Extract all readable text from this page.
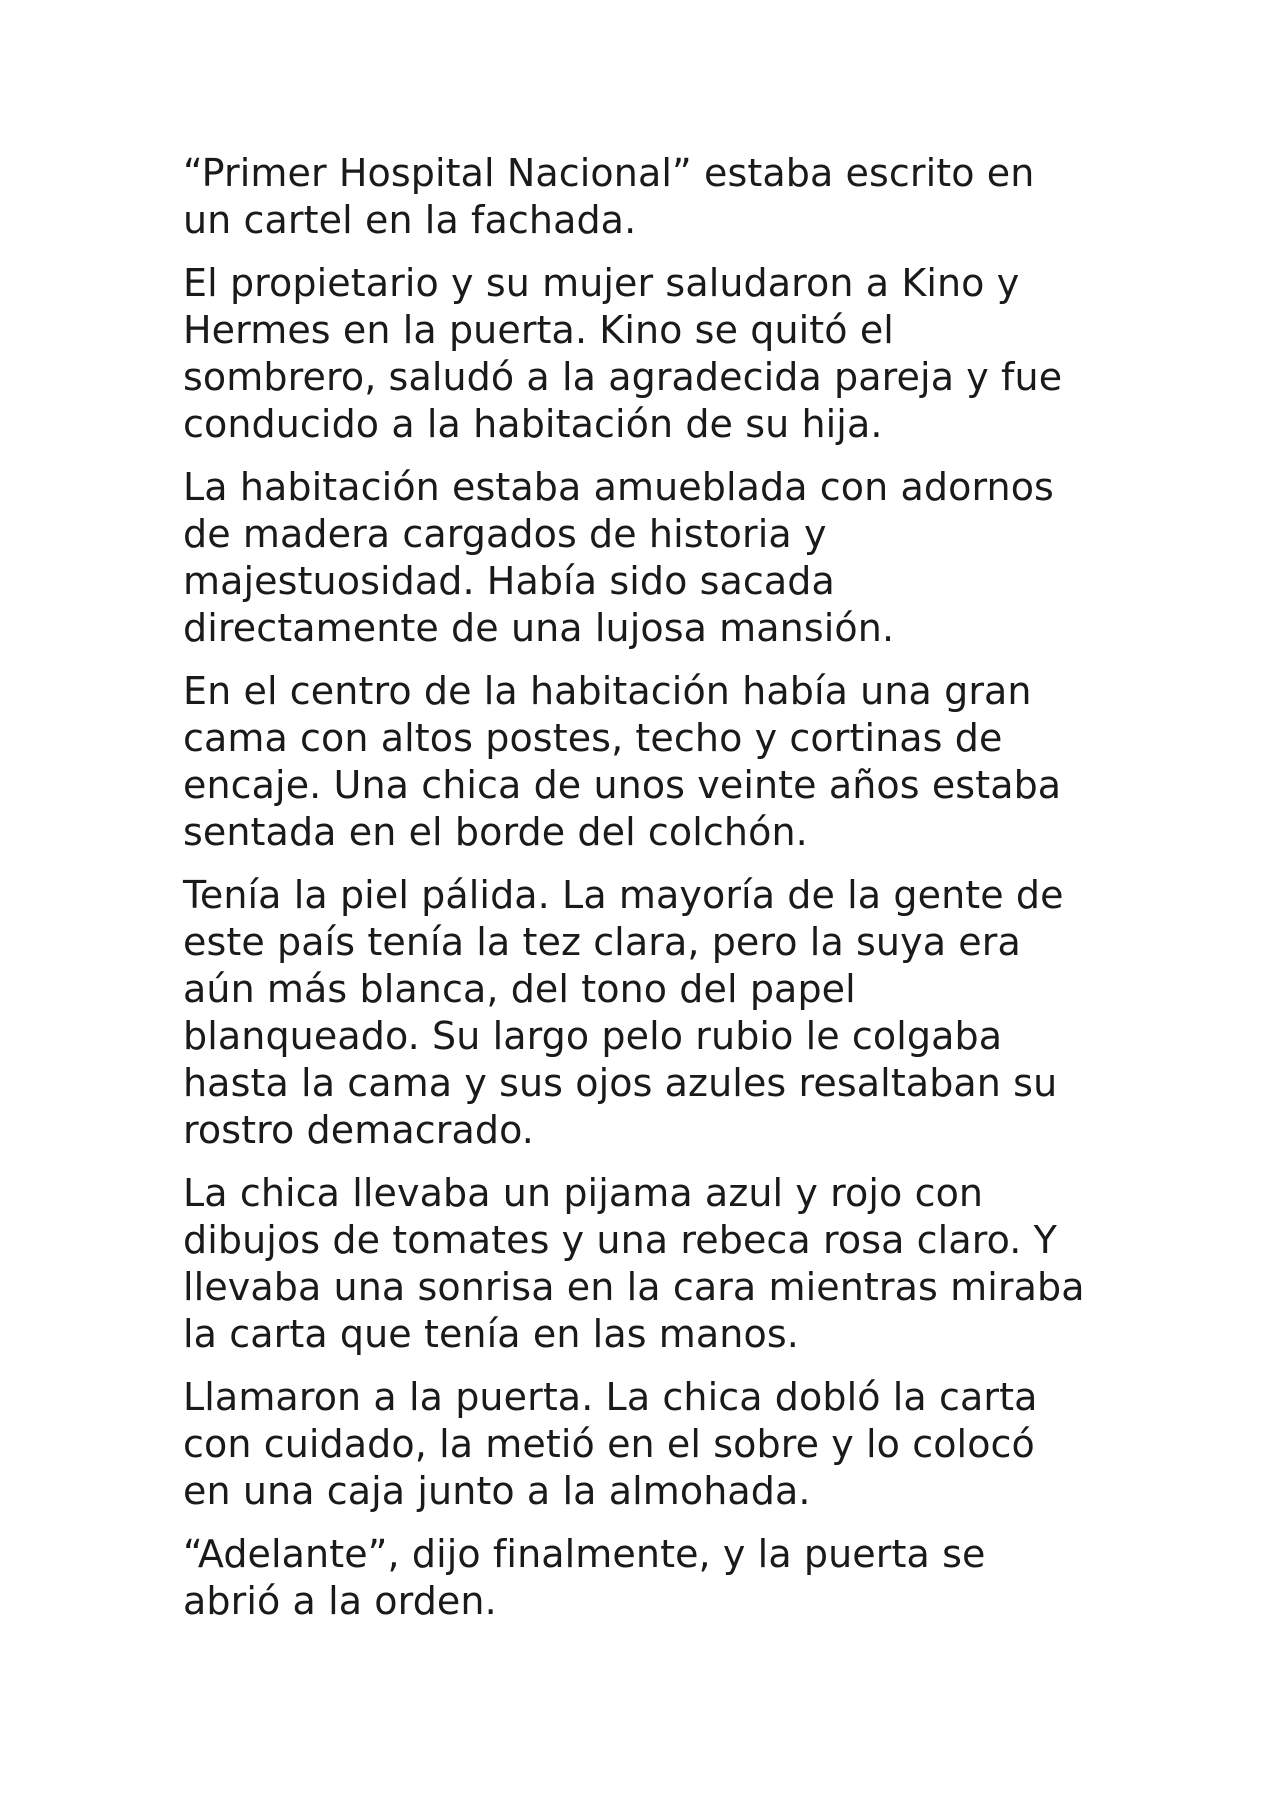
“Primer Hospital Nacional” estaba escrito en
un cartel en la fachada.

El propietario y su mujer saludaron a Kino y
Hermes en la puerta. Kino se quitó el
sombrero, saludó a la agradecida pareja y fue
conducido a la habitación de su hija.

La habitación estaba amueblada con adornos
de madera cargados de historia y
majestuosidad. Había sido sacada
directamente de una lujosa mansión.

En el centro de la habitación había una gran
cama con altos postes, techo y cortinas de
encaje. Una chica de unos veinte años estaba
sentada en el borde del colchón.

Tenía la piel pálida. La mayoría de la gente de
este país tenía la tez clara, pero la suya era
aún más blanca, del tono del papel
blanqueado. Su largo pelo rubio le colgaba
hasta la cama y sus ojos azules resaltaban su
rostro demacrado.

La chica llevaba un pijama azul y rojo con
dibujos de tomates y una rebeca rosa claro. Y
llevaba una sonrisa en la cara mientras miraba
la carta que tenía en las manos.

Llamaron a la puerta. La chica dobló la carta
con cuidado, la metió en el sobre y lo colocó
en una caja junto a la almohada.

“Adelante”, dijo finalmente, y la puerta se
abrió a la orden.
